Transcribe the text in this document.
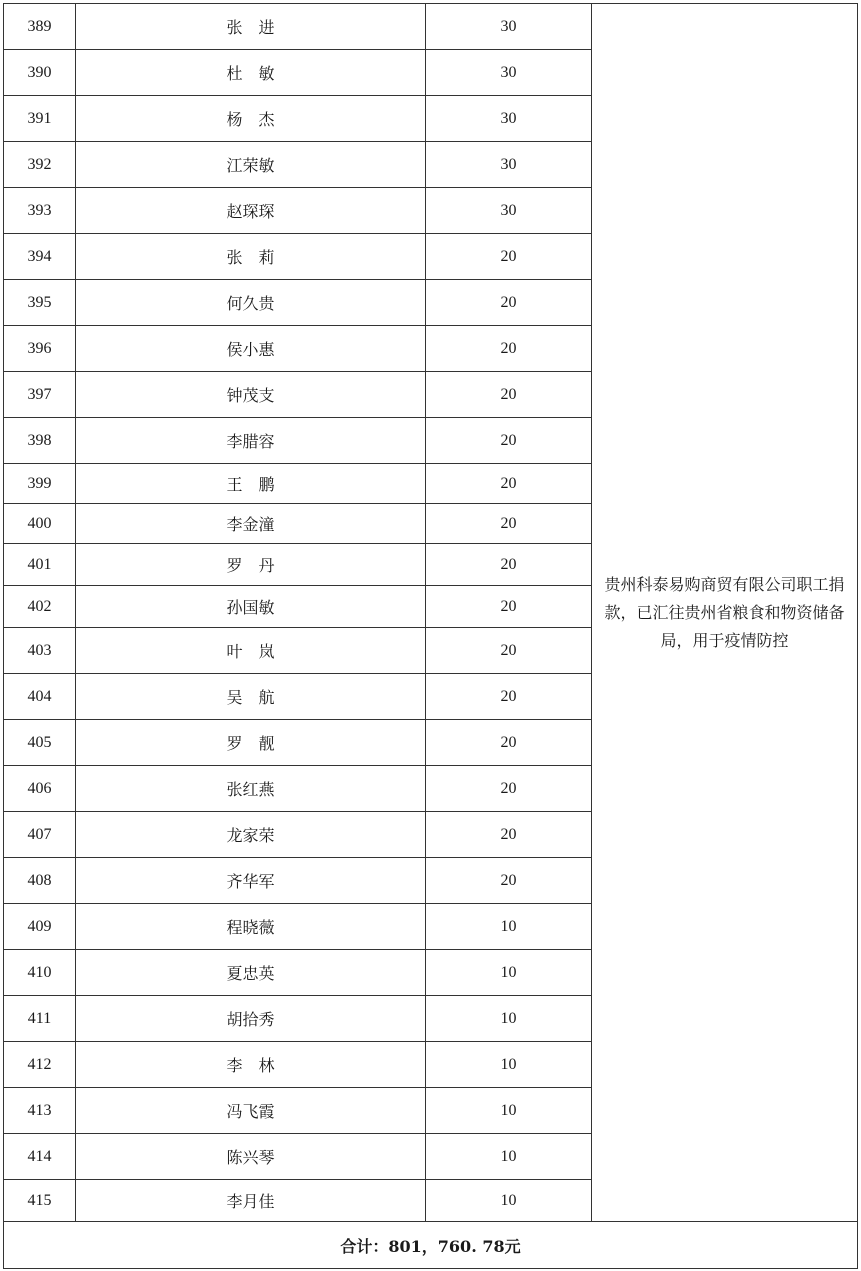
389	张　进	30	贵州科泰易购商贸有限公司职工捐款，已汇往贵州省粮食和物资储备局，用于疫情防控
390	杜　敏	30	
391	杨　杰	30	
392	江荣敏	30	
393	赵琛琛	30	
394	张　莉	20	
395	何久贵	20	
396	侯小惠	20	
397	钟茂支	20	
398	李腊容	20	
399	王　鹏	20	
400	李金潼	20	
401	罗　丹	20	
402	孙国敏	20	
403	叶　岚	20	
404	吴　航	20	
405	罗　靓	20	
406	张红燕	20	
407	龙家荣	20	
408	齐华军	20	
409	程晓薇	10	
410	夏忠英	10	
411	胡拾秀	10	
412	李　林	10	
413	冯飞霞	10	
414	陈兴琴	10	
415	李月佳	10	
合计：801，760. 78元			
